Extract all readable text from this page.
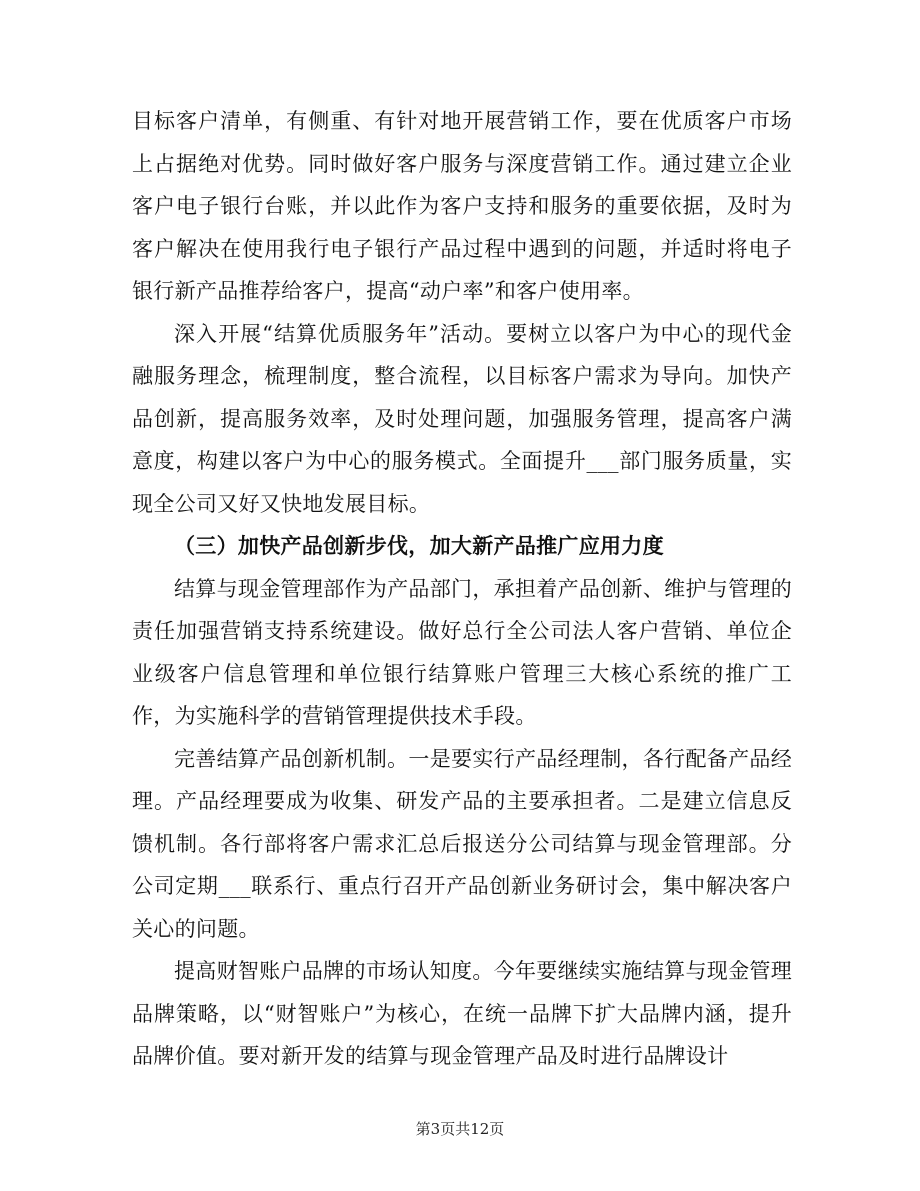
目标客户清单，有侧重、有针对地开展营销工作，要在优质客户市场上占据绝对优势。同时做好客户服务与深度营销工作。通过建立企业客户电子银行台账，并以此作为客户支持和服务的重要依据，及时为客户解决在使用我行电子银行产品过程中遇到的问题，并适时将电子银行新产品推荐给客户，提高“动户率”和客户使用率。

深入开展“结算优质服务年”活动。要树立以客户为中心的现代金融服务理念，梳理制度，整合流程，以目标客户需求为导向。加快产品创新，提高服务效率，及时处理问题，加强服务管理，提高客户满意度，构建以客户为中心的服务模式。全面提升___部门服务质量，实现全公司又好又快地发展目标。

（三）加快产品创新步伐，加大新产品推广应用力度

结算与现金管理部作为产品部门，承担着产品创新、维护与管理的责任加强营销支持系统建设。做好总行全公司法人客户营销、单位企业级客户信息管理和单位银行结算账户管理三大核心系统的推广工作，为实施科学的营销管理提供技术手段。

完善结算产品创新机制。一是要实行产品经理制，各行配备产品经理。产品经理要成为收集、研发产品的主要承担者。二是建立信息反馈机制。各行部将客户需求汇总后报送分公司结算与现金管理部。分公司定期___联系行、重点行召开产品创新业务研讨会，集中解决客户关心的问题。

提高财智账户品牌的市场认知度。今年要继续实施结算与现金管理品牌策略，以“财智账户”为核心，在统一品牌下扩大品牌内涵，提升品牌价值。要对新开发的结算与现金管理产品及时进行品牌设计

第3页共12页
